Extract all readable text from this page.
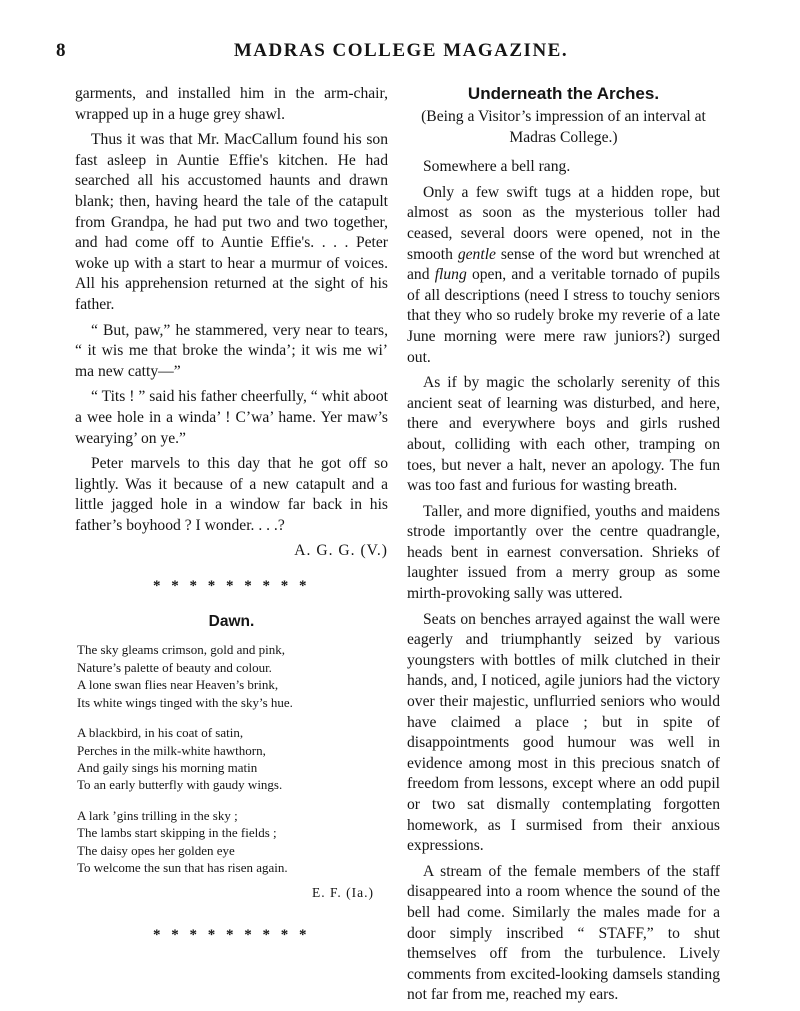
8	MADRAS COLLEGE MAGAZINE.

garments, and installed him in the arm-chair, wrapped up in a huge grey shawl.

Thus it was that Mr. MacCallum found his son fast asleep in Auntie Effie's kitchen. He had searched all his accustomed haunts and drawn blank; then, having heard the tale of the catapult from Grandpa, he had put two and two together, and had come off to Auntie Effie's. . . . Peter woke up with a start to hear a murmur of voices. All his apprehension returned at the sight of his father.

“ But, paw,” he stammered, very near to tears, “ it wis me that broke the winda’; it wis me wi’ ma new catty—”

“ Tits ! ” said his father cheerfully, “ whit aboot a wee hole in a winda’ ! C’wa’ hame. Yer maw’s wearying’ on ye.”

Peter marvels to this day that he got off so lightly. Was it because of a new catapult and a little jagged hole in a window far back in his father’s boyhood ? I wonder. . . .?

A. G. G. (V.)
* * * * * * * * *
Dawn.
The sky gleams crimson, gold and pink,
Nature’s palette of beauty and colour.
A lone swan flies near Heaven’s brink,
Its white wings tinged with the sky’s hue.
A blackbird, in his coat of satin,
Perches in the milk-white hawthorn,
And gaily sings his morning matin
To an early butterfly with gaudy wings.
A lark ’gins trilling in the sky ;
The lambs start skipping in the fields ;
The daisy opes her golden eye
To welcome the sun that has risen again.
E. F. (Ia.)
* * * * * * * * *
Underneath the Arches.
(Being a Visitor’s impression of an interval at Madras College.)

Somewhere a bell rang.

Only a few swift tugs at a hidden rope, but almost as soon as the mysterious toller had ceased, several doors were opened, not in the smooth gentle sense of the word but wrenched at and flung open, and a veritable tornado of pupils of all descriptions (need I stress to touchy seniors that they who so rudely broke my reverie of a late June morning were mere raw juniors?) surged out.

As if by magic the scholarly serenity of this ancient seat of learning was disturbed, and here, there and everywhere boys and girls rushed about, colliding with each other, tramping on toes, but never a halt, never an apology. The fun was too fast and furious for wasting breath.

Taller, and more dignified, youths and maidens strode importantly over the centre quadrangle, heads bent in earnest conversation. Shrieks of laughter issued from a merry group as some mirth-provoking sally was uttered.

Seats on benches arrayed against the wall were eagerly and triumphantly seized by various youngsters with bottles of milk clutched in their hands, and, I noticed, agile juniors had the victory over their majestic, unflurried seniors who would have claimed a place ; but in spite of disappointments good humour was well in evidence among most in this precious snatch of freedom from lessons, except where an odd pupil or two sat dismally contemplating forgotten homework, as I surmised from their anxious expressions.

A stream of the female members of the staff disappeared into a room whence the sound of the bell had come. Similarly the males made for a door simply inscribed “ STAFF,” to shut themselves off from the turbulence. Lively comments from excited-looking damsels standing not far from me, reached my ears.
